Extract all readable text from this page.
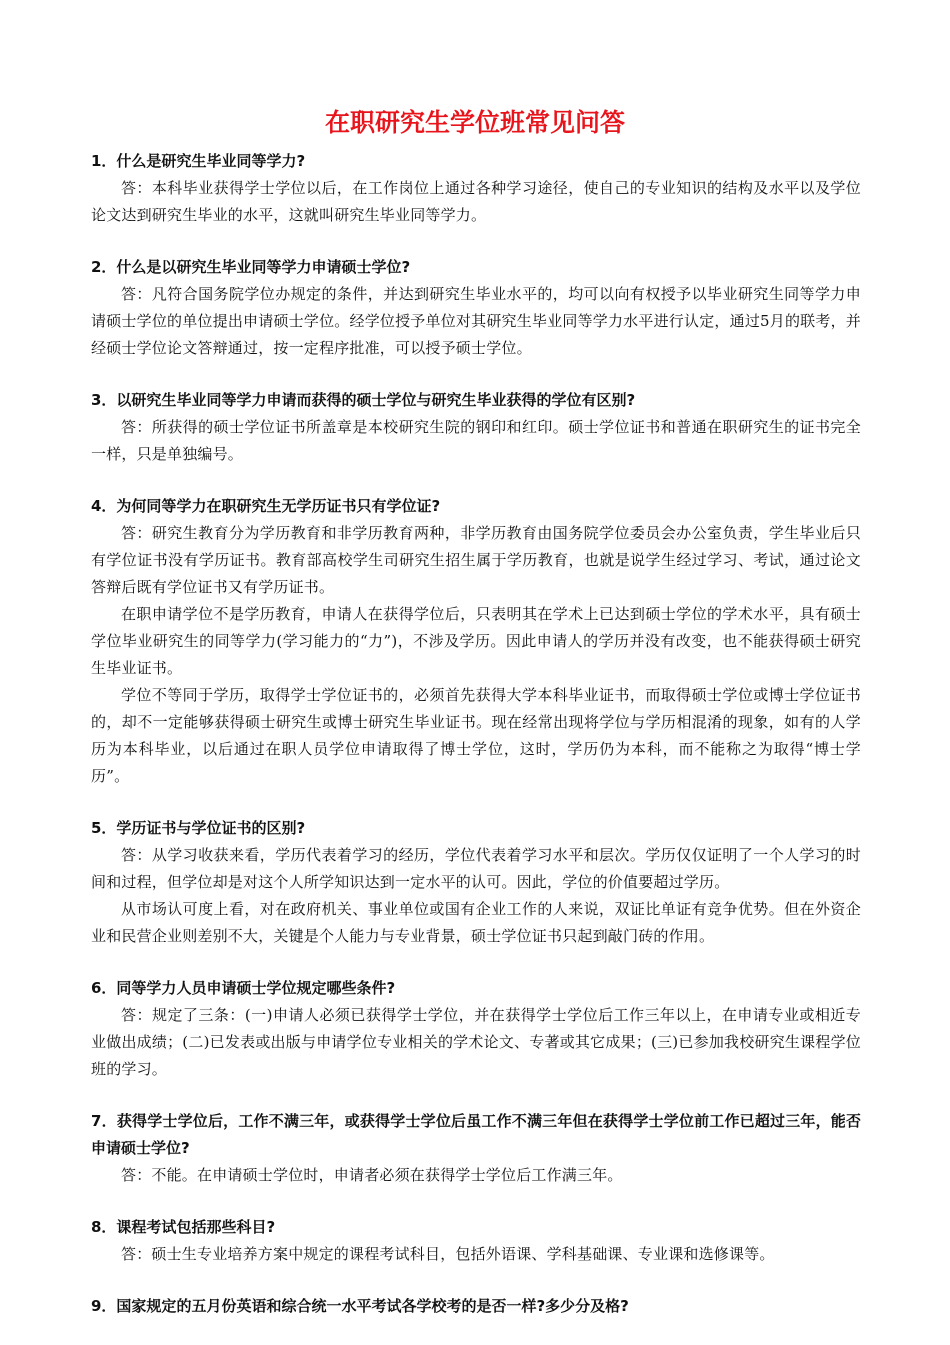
在职研究生学位班常见问答

1．什么是研究生毕业同等学力?

答：本科毕业获得学士学位以后，在工作岗位上通过各种学习途径，使自己的专业知识的结构及水平以及学位论文达到研究生毕业的水平，这就叫研究生毕业同等学力。

2．什么是以研究生毕业同等学力申请硕士学位?

答：凡符合国务院学位办规定的条件，并达到研究生毕业水平的，均可以向有权授予以毕业研究生同等学力申请硕士学位的单位提出申请硕士学位。经学位授予单位对其研究生毕业同等学力水平进行认定，通过5月的联考，并经硕士学位论文答辩通过，按一定程序批准，可以授予硕士学位。

3．以研究生毕业同等学力申请而获得的硕士学位与研究生毕业获得的学位有区别?

答：所获得的硕士学位证书所盖章是本校研究生院的钢印和红印。硕士学位证书和普通在职研究生的证书完全一样，只是单独编号。

4．为何同等学力在职研究生无学历证书只有学位证?

答：研究生教育分为学历教育和非学历教育两种，非学历教育由国务院学位委员会办公室负责，学生毕业后只有学位证书没有学历证书。教育部高校学生司研究生招生属于学历教育，也就是说学生经过学习、考试，通过论文答辩后既有学位证书又有学历证书。

在职申请学位不是学历教育，申请人在获得学位后，只表明其在学术上已达到硕士学位的学术水平，具有硕士学位毕业研究生的同等学力(学习能力的“力”)，不涉及学历。因此申请人的学历并没有改变，也不能获得硕士研究生毕业证书。

学位不等同于学历，取得学士学位证书的，必须首先获得大学本科毕业证书，而取得硕士学位或博士学位证书的，却不一定能够获得硕士研究生或博士研究生毕业证书。现在经常出现将学位与学历相混淆的现象，如有的人学历为本科毕业，以后通过在职人员学位申请取得了博士学位，这时，学历仍为本科，而不能称之为取得“博士学历”。

5．学历证书与学位证书的区别?

答：从学习收获来看，学历代表着学习的经历，学位代表着学习水平和层次。学历仅仅证明了一个人学习的时间和过程，但学位却是对这个人所学知识达到一定水平的认可。因此，学位的价值要超过学历。

从市场认可度上看，对在政府机关、事业单位或国有企业工作的人来说，双证比单证有竞争优势。但在外资企业和民营企业则差别不大，关键是个人能力与专业背景，硕士学位证书只起到敲门砖的作用。

6．同等学力人员申请硕士学位规定哪些条件?

答：规定了三条：(一)申请人必须已获得学士学位，并在获得学士学位后工作三年以上，在申请专业或相近专业做出成绩；(二)已发表或出版与申请学位专业相关的学术论文、专著或其它成果；(三)已参加我校研究生课程学位班的学习。

7．获得学士学位后，工作不满三年，或获得学士学位后虽工作不满三年但在获得学士学位前工作已超过三年，能否申请硕士学位?

答：不能。在申请硕士学位时，申请者必须在获得学士学位后工作满三年。

8．课程考试包括那些科目?

答：硕士生专业培养方案中规定的课程考试科目，包括外语课、学科基础课、专业课和选修课等。

9．国家规定的五月份英语和综合统一水平考试各学校考的是否一样?多少分及格?
